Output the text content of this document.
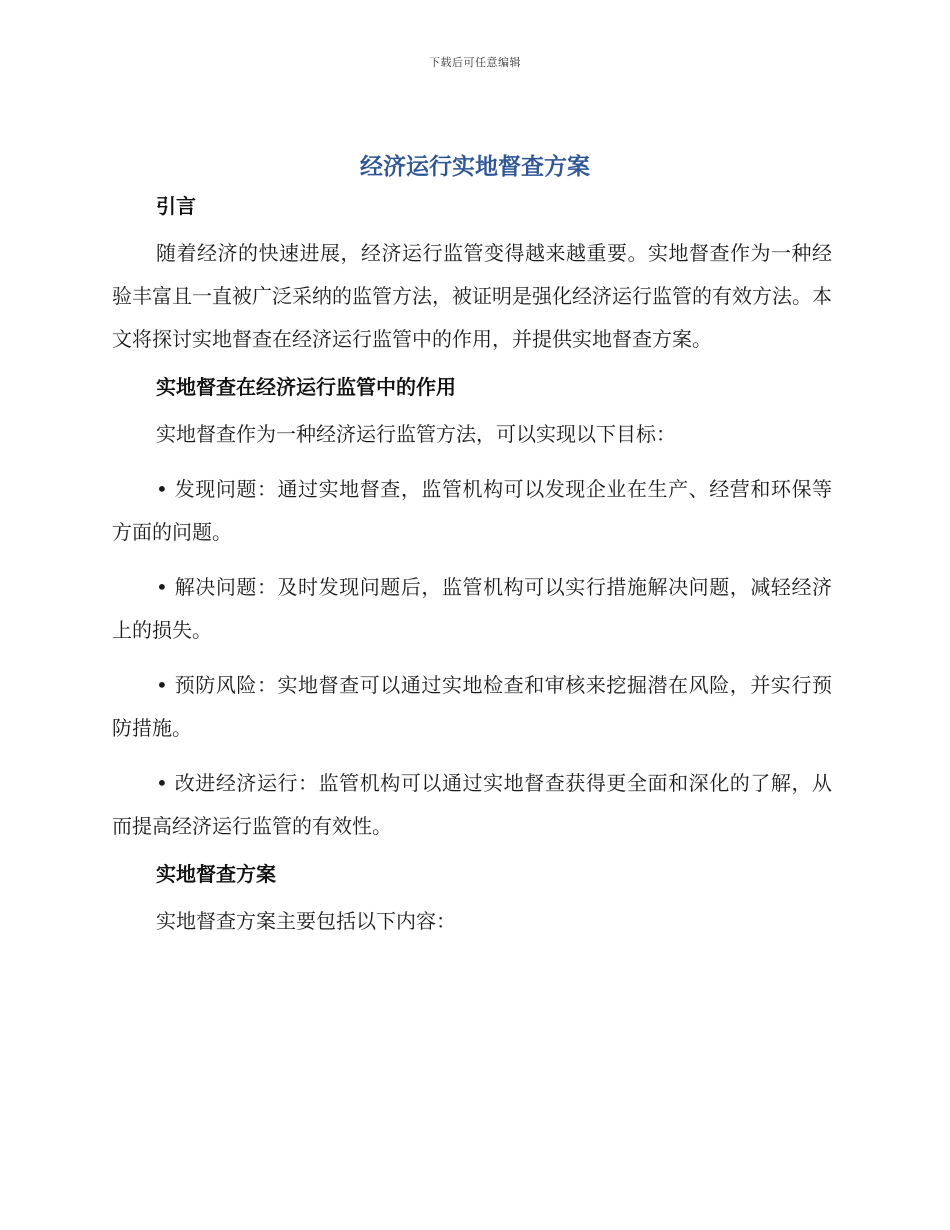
下载后可任意编辑
经济运行实地督查方案

引言

随着经济的快速进展，经济运行监管变得越来越重要。实地督查作为一种经验丰富且一直被广泛采纳的监管方法，被证明是强化经济运行监管的有效方法。本文将探讨实地督查在经济运行监管中的作用，并提供实地督查方案。

实地督查在经济运行监管中的作用

实地督查作为一种经济运行监管方法，可以实现以下目标：

• 发现问题：通过实地督查，监管机构可以发现企业在生产、经营和环保等方面的问题。

• 解决问题：及时发现问题后，监管机构可以实行措施解决问题，减轻经济上的损失。

• 预防风险：实地督查可以通过实地检查和审核来挖掘潜在风险，并实行预防措施。

• 改进经济运行：监管机构可以通过实地督查获得更全面和深化的了解，从而提高经济运行监管的有效性。

实地督查方案

实地督查方案主要包括以下内容：
